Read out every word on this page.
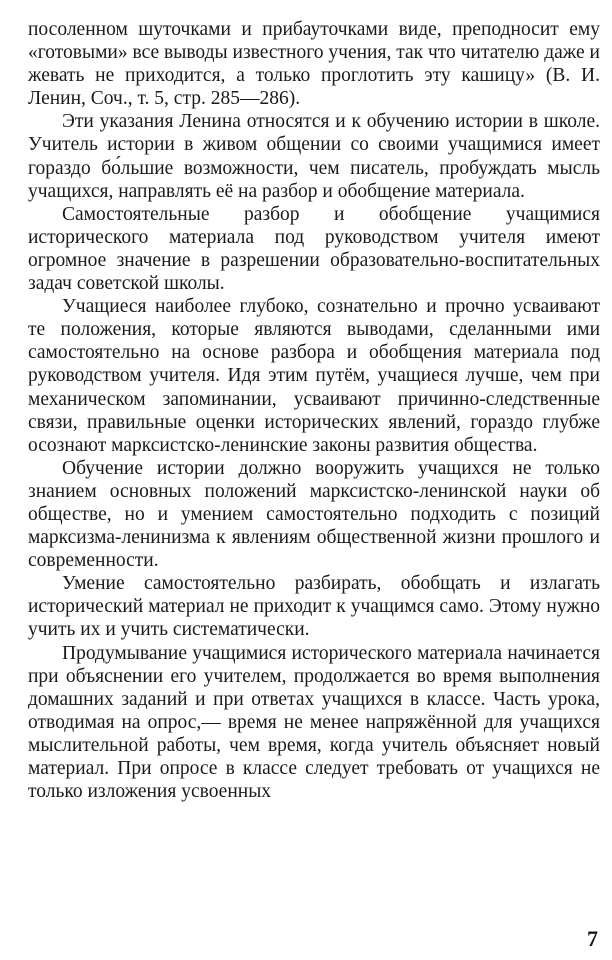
посоленном шуточками и прибауточками виде, преподносит ему «готовыми» все выводы известного учения, так что читателю даже и жевать не приходится, а только проглотить эту кашицу» (В. И. Ленин, Соч., т. 5, стр. 285—286).

Эти указания Ленина относятся и к обучению истории в школе. Учитель истории в живом общении со своими учащимися имеет гораздо бо́льшие возможности, чем писатель, пробуждать мысль учащихся, направлять её на разбор и обобщение материала.

Самостоятельные разбор и обобщение учащимися исторического материала под руководством учителя имеют огромное значение в разрешении образовательно-воспитательных задач советской школы.

Учащиеся наиболее глубоко, сознательно и прочно усваивают те положения, которые являются выводами, сделанными ими самостоятельно на основе разбора и обобщения материала под руководством учителя. Идя этим путём, учащиеся лучше, чем при механическом запоминании, усваивают причинно-следственные связи, правильные оценки исторических явлений, гораздо глубже осознают марксистско-ленинские законы развития общества.

Обучение истории должно вооружить учащихся не только знанием основных положений марксистско-ленинской науки об обществе, но и умением самостоятельно подходить с позиций марксизма-ленинизма к явлениям общественной жизни прошлого и современности.

Умение самостоятельно разбирать, обобщать и излагать исторический материал не приходит к учащимся само. Этому нужно учить их и учить систематически.

Продумывание учащимися исторического материала начинается при объяснении его учителем, продолжается во время выполнения домашних заданий и при ответах учащихся в классе. Часть урока, отводимая на опрос,— время не менее напряжённой для учащихся мыслительной работы, чем время, когда учитель объясняет новый материал. При опросе в классе следует требовать от учащихся не только изложения усвоенных

7
